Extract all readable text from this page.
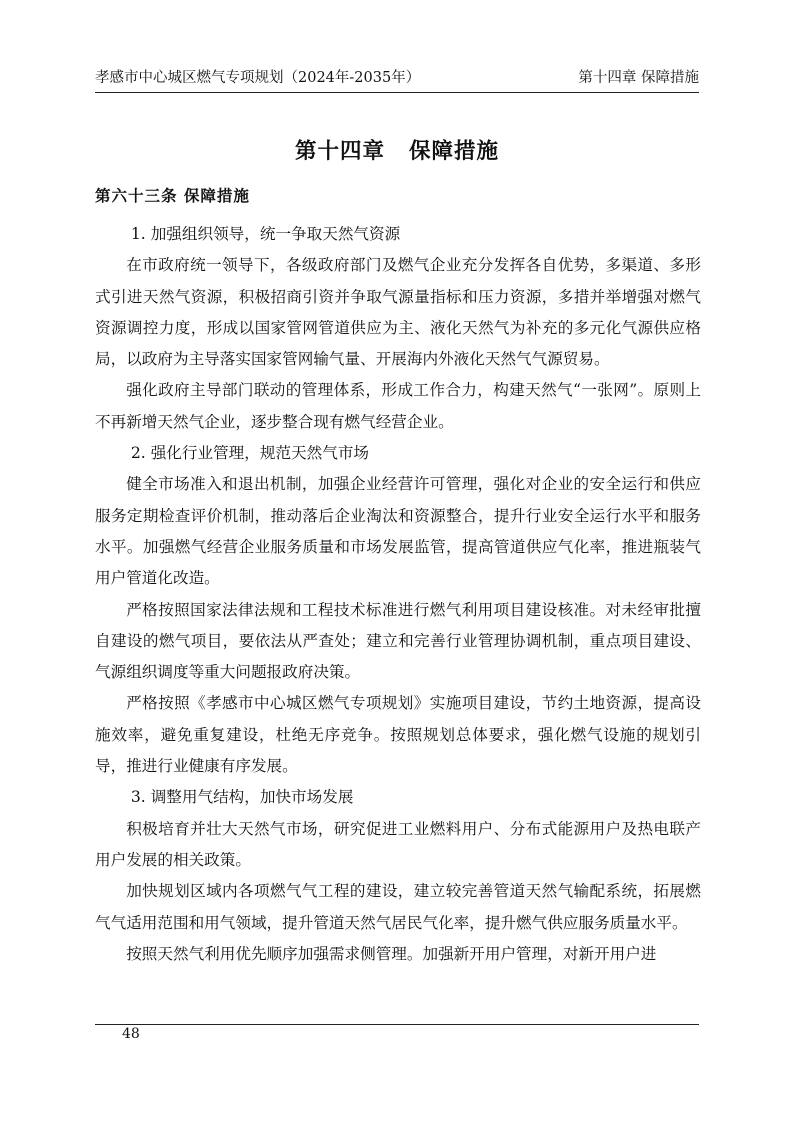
孝感市中心城区燃气专项规划（2024年-2035年）	第十四章 保障措施
第十四章 保障措施
第六十三条 保障措施

1. 加强组织领导，统一争取天然气资源

在市政府统一领导下，各级政府部门及燃气企业充分发挥各自优势，多渠道、多形式引进天然气资源，积极招商引资并争取气源量指标和压力资源，多措并举增强对燃气资源调控力度，形成以国家管网管道供应为主、液化天然气为补充的多元化气源供应格局，以政府为主导落实国家管网输气量、开展海内外液化天然气气源贸易。

强化政府主导部门联动的管理体系，形成工作合力，构建天然气“一张网”。原则上不再新增天然气企业，逐步整合现有燃气经营企业。

2. 强化行业管理，规范天然气市场

健全市场准入和退出机制，加强企业经营许可管理，强化对企业的安全运行和供应服务定期检查评价机制，推动落后企业淘汰和资源整合，提升行业安全运行水平和服务水平。加强燃气经营企业服务质量和市场发展监管，提高管道供应气化率，推进瓶装气用户管道化改造。

严格按照国家法律法规和工程技术标准进行燃气利用项目建设核准。对未经审批擅自建设的燃气项目，要依法从严查处；建立和完善行业管理协调机制，重点项目建设、气源组织调度等重大问题报政府决策。

严格按照《孝感市中心城区燃气专项规划》实施项目建设，节约土地资源，提高设施效率，避免重复建设，杜绝无序竞争。按照规划总体要求，强化燃气设施的规划引导，推进行业健康有序发展。

3. 调整用气结构，加快市场发展

积极培育并壮大天然气市场，研究促进工业燃料用户、分布式能源用户及热电联产用户发展的相关政策。

加快规划区域内各项燃气气工程的建设，建立较完善管道天然气输配系统，拓展燃气气适用范围和用气领域，提升管道天然气居民气化率，提升燃气供应服务质量水平。

按照天然气利用优先顺序加强需求侧管理。加强新开用户管理，对新开用户进

48
